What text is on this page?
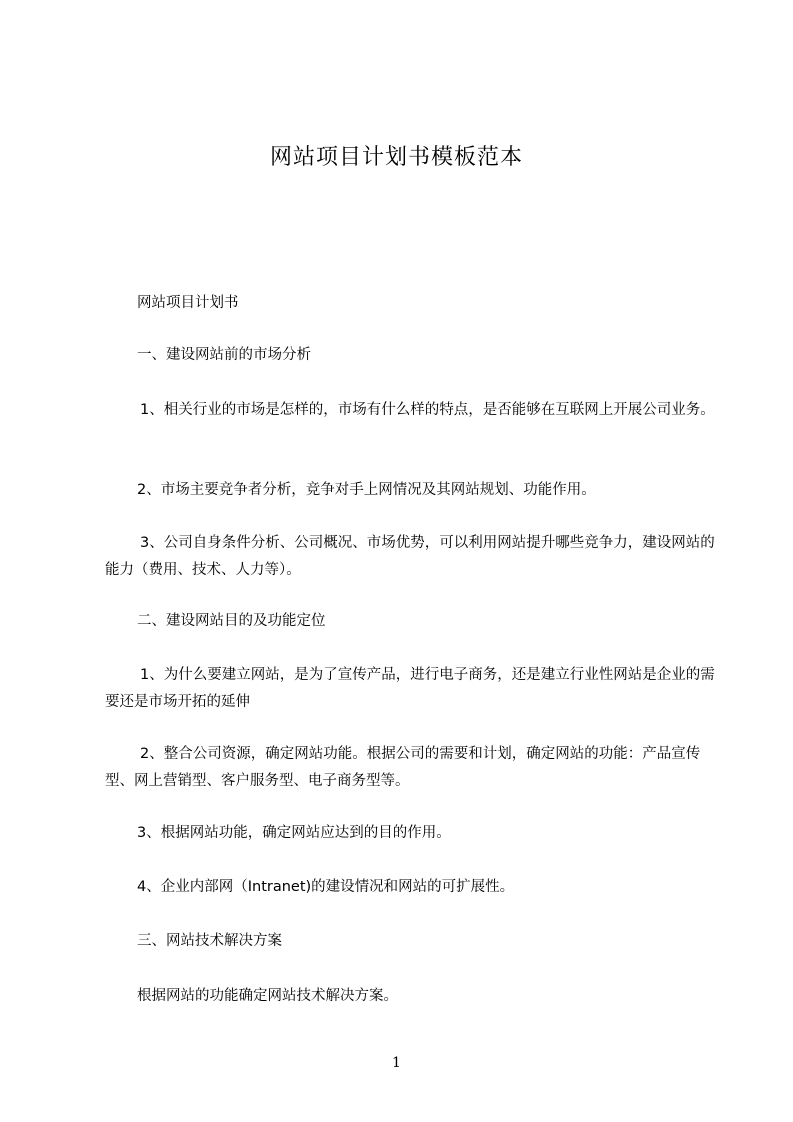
网站项目计划书模板范本

网站项目计划书

一、建设网站前的市场分析

1、相关行业的市场是怎样的，市场有什么样的特点，是否能够在互联网上开展公司业务。

2、市场主要竞争者分析，竞争对手上网情况及其网站规划、功能作用。

3、公司自身条件分析、公司概况、市场优势，可以利用网站提升哪些竞争力，建设网站的能力（费用、技术、人力等）。

二、建设网站目的及功能定位

1、为什么要建立网站，是为了宣传产品，进行电子商务，还是建立行业性网站是企业的需要还是市场开拓的延伸

2、整合公司资源，确定网站功能。根据公司的需要和计划，确定网站的功能：产品宣传型、网上营销型、客户服务型、电子商务型等。

3、根据网站功能，确定网站应达到的目的作用。

4、企业内部网（Intranet)的建设情况和网站的可扩展性。

三、网站技术解决方案

根据网站的功能确定网站技术解决方案。

1
